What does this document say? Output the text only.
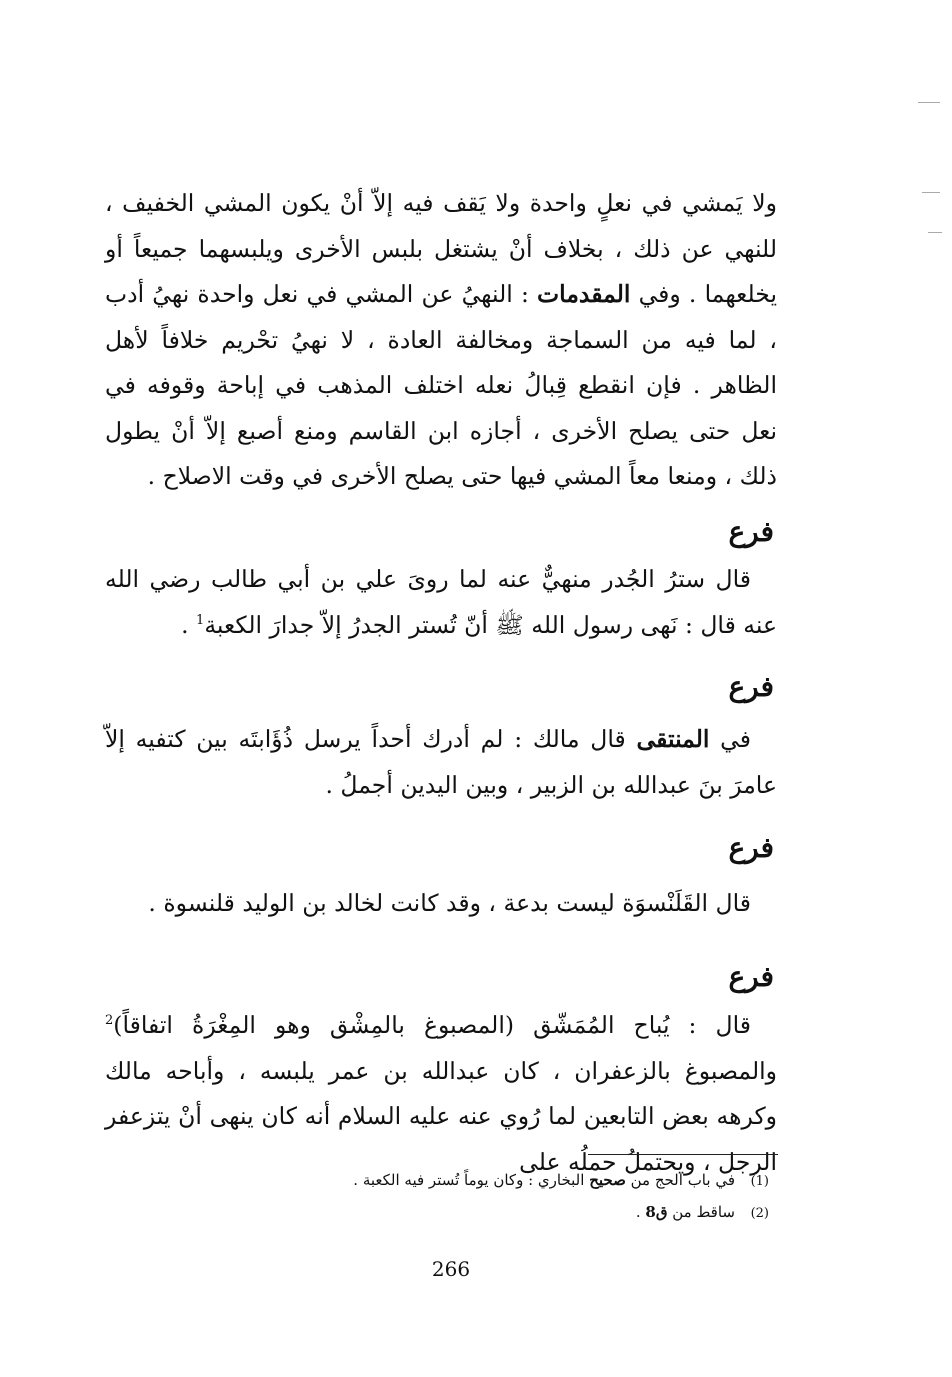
ولا يَمشي في نعلٍ واحدة ولا يَقف فيه إلاّ أنْ يكون المشي الخفيف ، للنهي عن ذلك ، بخلاف أنْ يشتغل بلبس الأخرى ويلبسهما جميعاً أو يخلعهما . وفي المقدمات : النهيُ عن المشي في نعل واحدة نهيُ أدب ، لما فيه من السماجة ومخالفة العادة ، لا نهيُ تحْريم خلافاً لأهل الظاهر . فإن انقطع قِبالُ نعله اختلف المذهب في إباحة وقوفه في نعل حتى يصلح الأخرى ، أجازه ابن القاسم ومنع أصبع إلاّ أنْ يطول ذلك ، ومنعا معاً المشي فيها حتى يصلح الأخرى في وقت الاصلاح .
فرع
قال سترُ الجُدر منهيٌّ عنه لما روىَ علي بن أبي طالب رضي الله عنه قال : نَهى رسول الله ﷺ أنّ تُستر الجدرُ إلاّ جدارَ الكعبة$^1$ .
فرع
في المنتقى قال مالك : لم أدرك أحداً يرسل ذُؤَابتَه بين كتفيه إلاّ عامرَ بنَ عبدالله بن الزبير ، وبين اليدين أجملُ .
فرع
قال القَلَنْسوَة ليست بدعة ، وقد كانت لخالد بن الوليد قلنسوة .
فرع
قال : يُباح المُمَشّق (المصبوغ بالمِشْق وهو المِغْرَةُ اتفاقاً)$^2$ والمصبوغ بالزعفران ، كان عبدالله بن عمر يلبسه ، وأباحه مالك وكرهه بعض التابعين لما رُوي عنه عليه السلام أنه كان ينهى أنْ يتزعفر الرجل ، ويحتملُ حملُه على
(1)في باب الحج من صحيح البخاري : وكان يوماً تُستر فيه الكعبة .
(2)ساقط من ق8 .
266
